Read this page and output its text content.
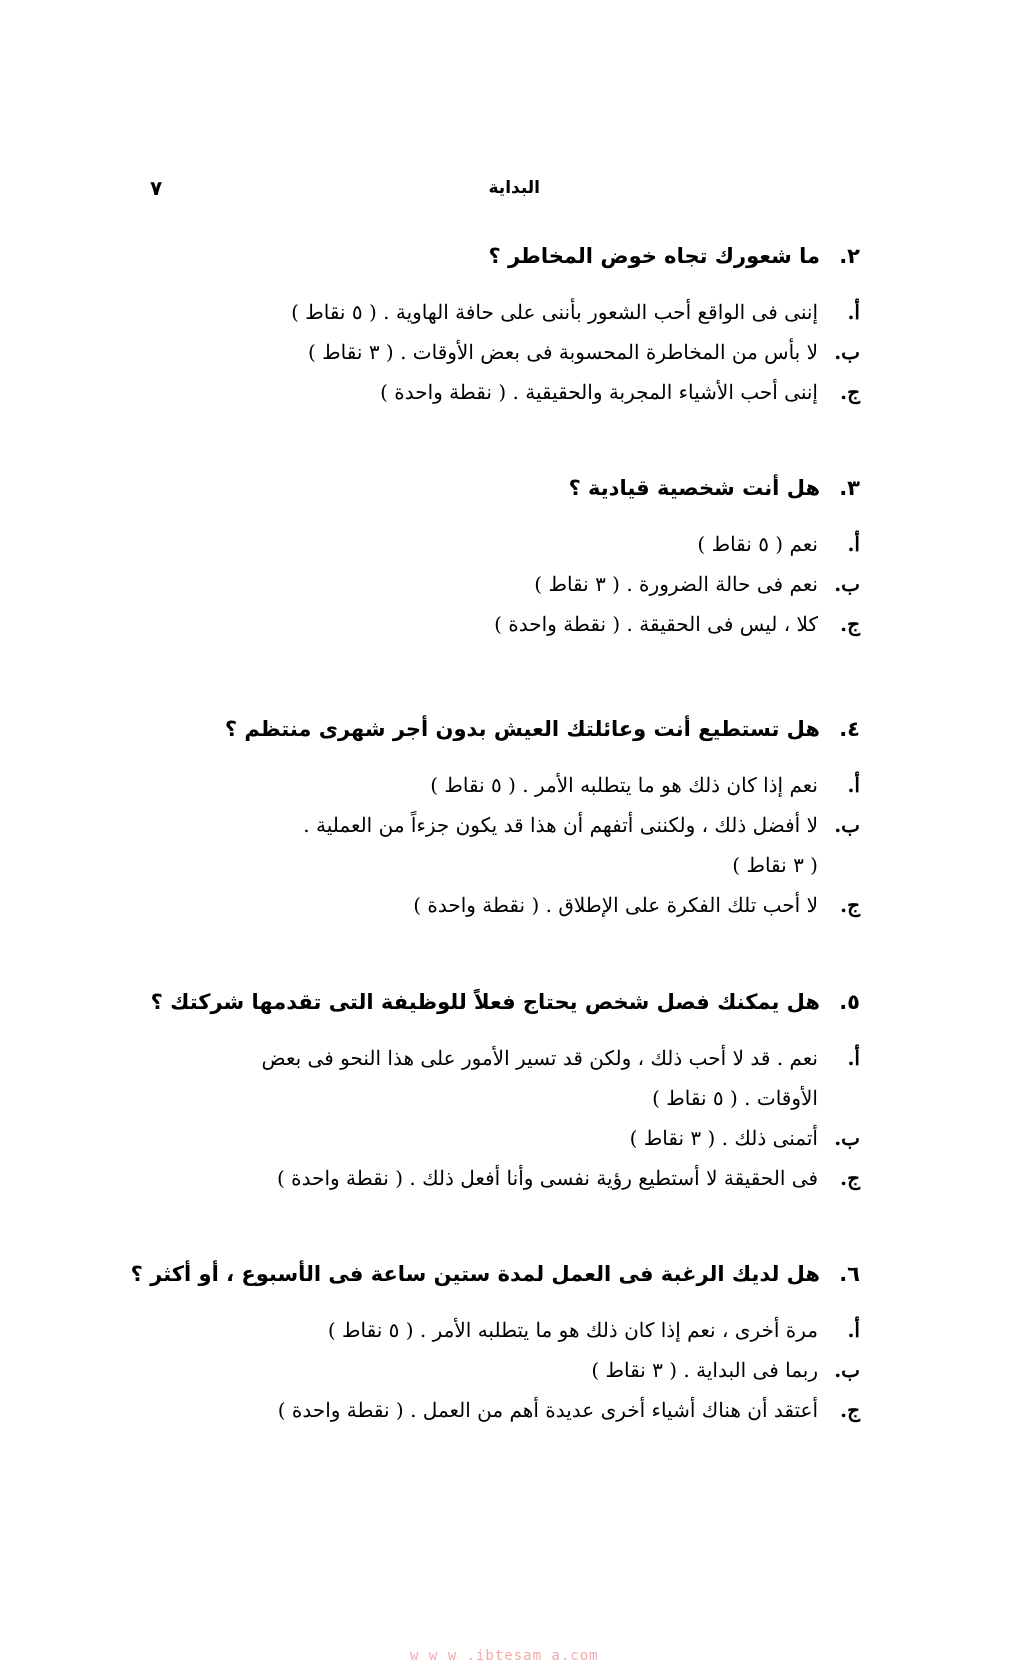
البداية
٧
٢.
ما شعورك تجاه خوض المخاطر ؟
أ.
إننى فى الواقع أحب الشعور بأننى على حافة الهاوية . ( ٥ نقاط )
ب.
لا بأس من المخاطرة المحسوبة فى بعض الأوقات . ( ٣ نقاط )
ج.
إننى أحب الأشياء المجربة والحقيقية . ( نقطة واحدة )
٣.
هل أنت شخصية قيادية ؟
أ.
نعم ( ٥ نقاط )
ب.
نعم فى حالة الضرورة . ( ٣ نقاط )
ج.
كلا ، ليس فى الحقيقة . ( نقطة واحدة )
٤.
هل تستطيع أنت وعائلتك العيش بدون أجر شهرى منتظم ؟
أ.
نعم إذا كان ذلك هو ما يتطلبه الأمر . ( ٥ نقاط )
ب.
لا أفضل ذلك ، ولكننى أتفهم أن هذا قد يكون جزءاً من العملية .
( ٣ نقاط )
ج.
لا أحب تلك الفكرة على الإطلاق . ( نقطة واحدة )
٥.
هل يمكنك فصل شخص يحتاج فعلاً للوظيفة التى تقدمها شركتك ؟
أ.
نعم . قد لا أحب ذلك ، ولكن قد تسير الأمور على هذا النحو فى بعض
الأوقات . ( ٥ نقاط )
ب.
أتمنى ذلك . ( ٣ نقاط )
ج.
فى الحقيقة لا أستطيع رؤية نفسى وأنا أفعل ذلك . ( نقطة واحدة )
٦.
هل لديك الرغبة فى العمل لمدة ستين ساعة فى الأسبوع ، أو أكثر ؟
أ.
مرة أخرى ، نعم إذا كان ذلك هو ما يتطلبه الأمر . ( ٥ نقاط )
ب.
ربما فى البداية . ( ٣ نقاط )
ج.
أعتقد أن هناك أشياء أخرى عديدة أهم من العمل . ( نقطة واحدة )
w w w .ibtesam a.com
